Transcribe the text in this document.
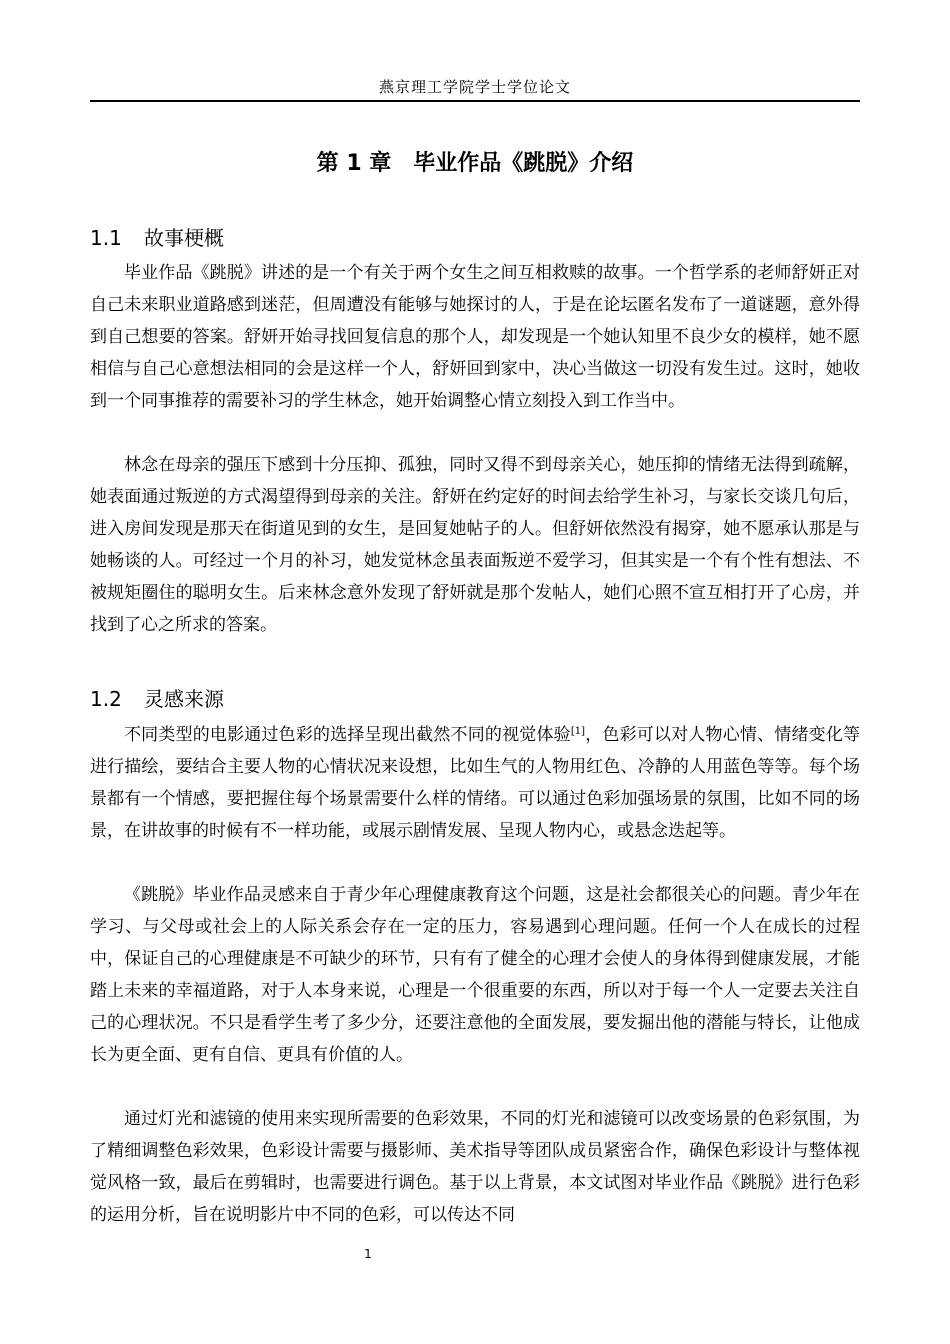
燕京理工学院学士学位论文
第 1 章　毕业作品《跳脱》介绍
1.1 故事梗概

毕业作品《跳脱》讲述的是一个有关于两个女生之间互相救赎的故事。一个哲学系的老师舒妍正对自己未来职业道路感到迷茫，但周遭没有能够与她探讨的人，于是在论坛匿名发布了一道谜题，意外得到自己想要的答案。舒妍开始寻找回复信息的那个人，却发现是一个她认知里不良少女的模样，她不愿相信与自己心意想法相同的会是这样一个人，舒妍回到家中，决心当做这一切没有发生过。这时，她收到一个同事推荐的需要补习的学生林念，她开始调整心情立刻投入到工作当中。

林念在母亲的强压下感到十分压抑、孤独，同时又得不到母亲关心，她压抑的情绪无法得到疏解，她表面通过叛逆的方式渴望得到母亲的关注。舒妍在约定好的时间去给学生补习，与家长交谈几句后，进入房间发现是那天在街道见到的女生，是回复她帖子的人。但舒妍依然没有揭穿，她不愿承认那是与她畅谈的人。可经过一个月的补习，她发觉林念虽表面叛逆不爱学习，但其实是一个有个性有想法、不被规矩圈住的聪明女生。后来林念意外发现了舒妍就是那个发帖人，她们心照不宣互相打开了心房，并找到了心之所求的答案。

1.2 灵感来源

不同类型的电影通过色彩的选择呈现出截然不同的视觉体验[1]，色彩可以对人物心情、情绪变化等进行描绘，要结合主要人物的心情状况来设想，比如生气的人物用红色、冷静的人用蓝色等等。每个场景都有一个情感，要把握住每个场景需要什么样的情绪。可以通过色彩加强场景的氛围，比如不同的场景，在讲故事的时候有不一样功能，或展示剧情发展、呈现人物内心，或悬念迭起等。

《跳脱》毕业作品灵感来自于青少年心理健康教育这个问题，这是社会都很关心的问题。青少年在学习、与父母或社会上的人际关系会存在一定的压力，容易遇到心理问题。任何一个人在成长的过程中，保证自己的心理健康是不可缺少的环节，只有有了健全的心理才会使人的身体得到健康发展，才能踏上未来的幸福道路，对于人本身来说，心理是一个很重要的东西，所以对于每一个人一定要去关注自己的心理状况。不只是看学生考了多少分，还要注意他的全面发展，要发掘出他的潜能与特长，让他成长为更全面、更有自信、更具有价值的人。

通过灯光和滤镜的使用来实现所需要的色彩效果，不同的灯光和滤镜可以改变场景的色彩氛围，为了精细调整色彩效果，色彩设计需要与摄影师、美术指导等团队成员紧密合作，确保色彩设计与整体视觉风格一致，最后在剪辑时，也需要进行调色。基于以上背景，本文试图对毕业作品《跳脱》进行色彩的运用分析，旨在说明影片中不同的色彩，可以传达不同

1
